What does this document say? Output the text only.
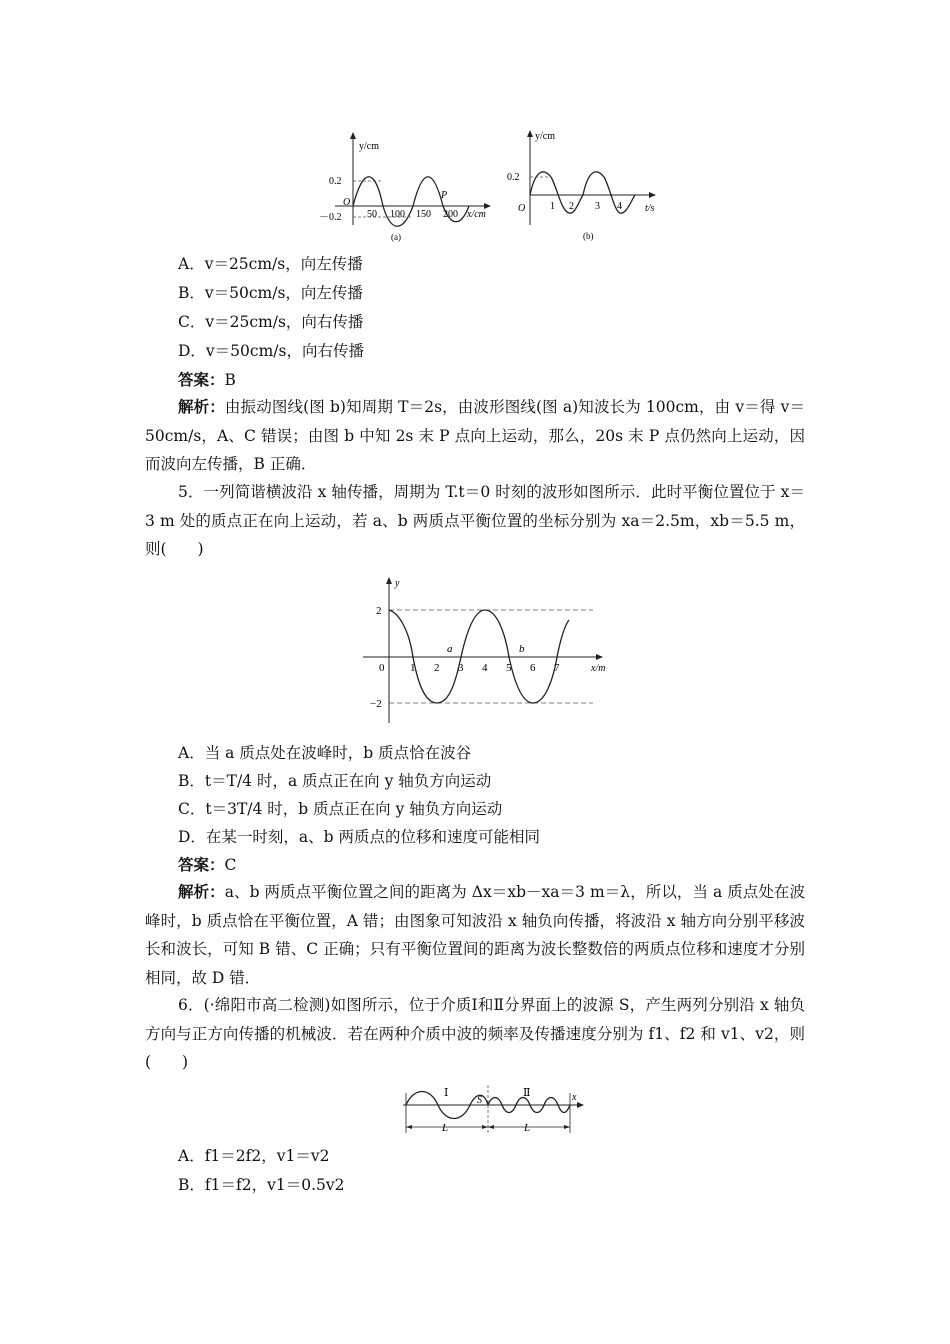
y/cm
0.2
O
－0.2	50 100 150 200
P
x/cm
(a)
y/cm
0.2
O 1 2 3 4 t/s
(b)
A．v＝25cm/s，向左传播
B．v＝50cm/s，向左传播
C．v＝25cm/s，向右传播
D．v＝50cm/s，向右传播
答案：B
解析：由振动图线(图 b)知周期 T＝2s，由波形图线(图 a)知波长为 100cm，由 v＝得 v＝50cm/s，A、C 错误；由图 b 中知 2s 末 P 点向上运动，那么，20s 末 P 点仍然向上运动，因而波向左传播，B 正确．
5．一列简谐横波沿 x 轴传播，周期为 T.t＝0 时刻的波形如图所示．此时平衡位置位于 x＝3 m 处的质点正在向上运动，若 a、b 两质点平衡位置的坐标分别为 xa＝2.5m，xb＝5.5 m，则(　　)
y
2
−2
0 1 2 3 4 5 6 7
a	b
x/m
A．当 a 质点处在波峰时，b 质点恰在波谷
B．t＝T/4 时，a 质点正在向 y 轴负方向运动
C．t＝3T/4 时，b 质点正在向 y 轴负方向运动
D．在某一时刻，a、b 两质点的位移和速度可能相同
答案：C
解析：a、b 两质点平衡位置之间的距离为 Δx＝xb－xa＝3 m＝λ，所以，当 a 质点处在波峰时，b 质点恰在平衡位置，A 错；由图象可知波沿 x 轴负向传播，将波沿 x 轴方向分别平移波长和波长，可知 B 错、C 正确；只有平衡位置间的距离为波长整数倍的两质点位移和速度才分别相同，故 D 错．
6．(·绵阳市高二检测)如图所示，位于介质Ⅰ和Ⅱ分界面上的波源 S，产生两列分别沿 x 轴负方向与正方向传播的机械波．若在两种介质中波的频率及传播速度分别为 f1、f2 和 v1、v2，则(　　)
Ⅰ	Ⅱ
S	x
L	L
A．f1＝2f2，v1＝v2
B．f1＝f2，v1＝0.5v2
